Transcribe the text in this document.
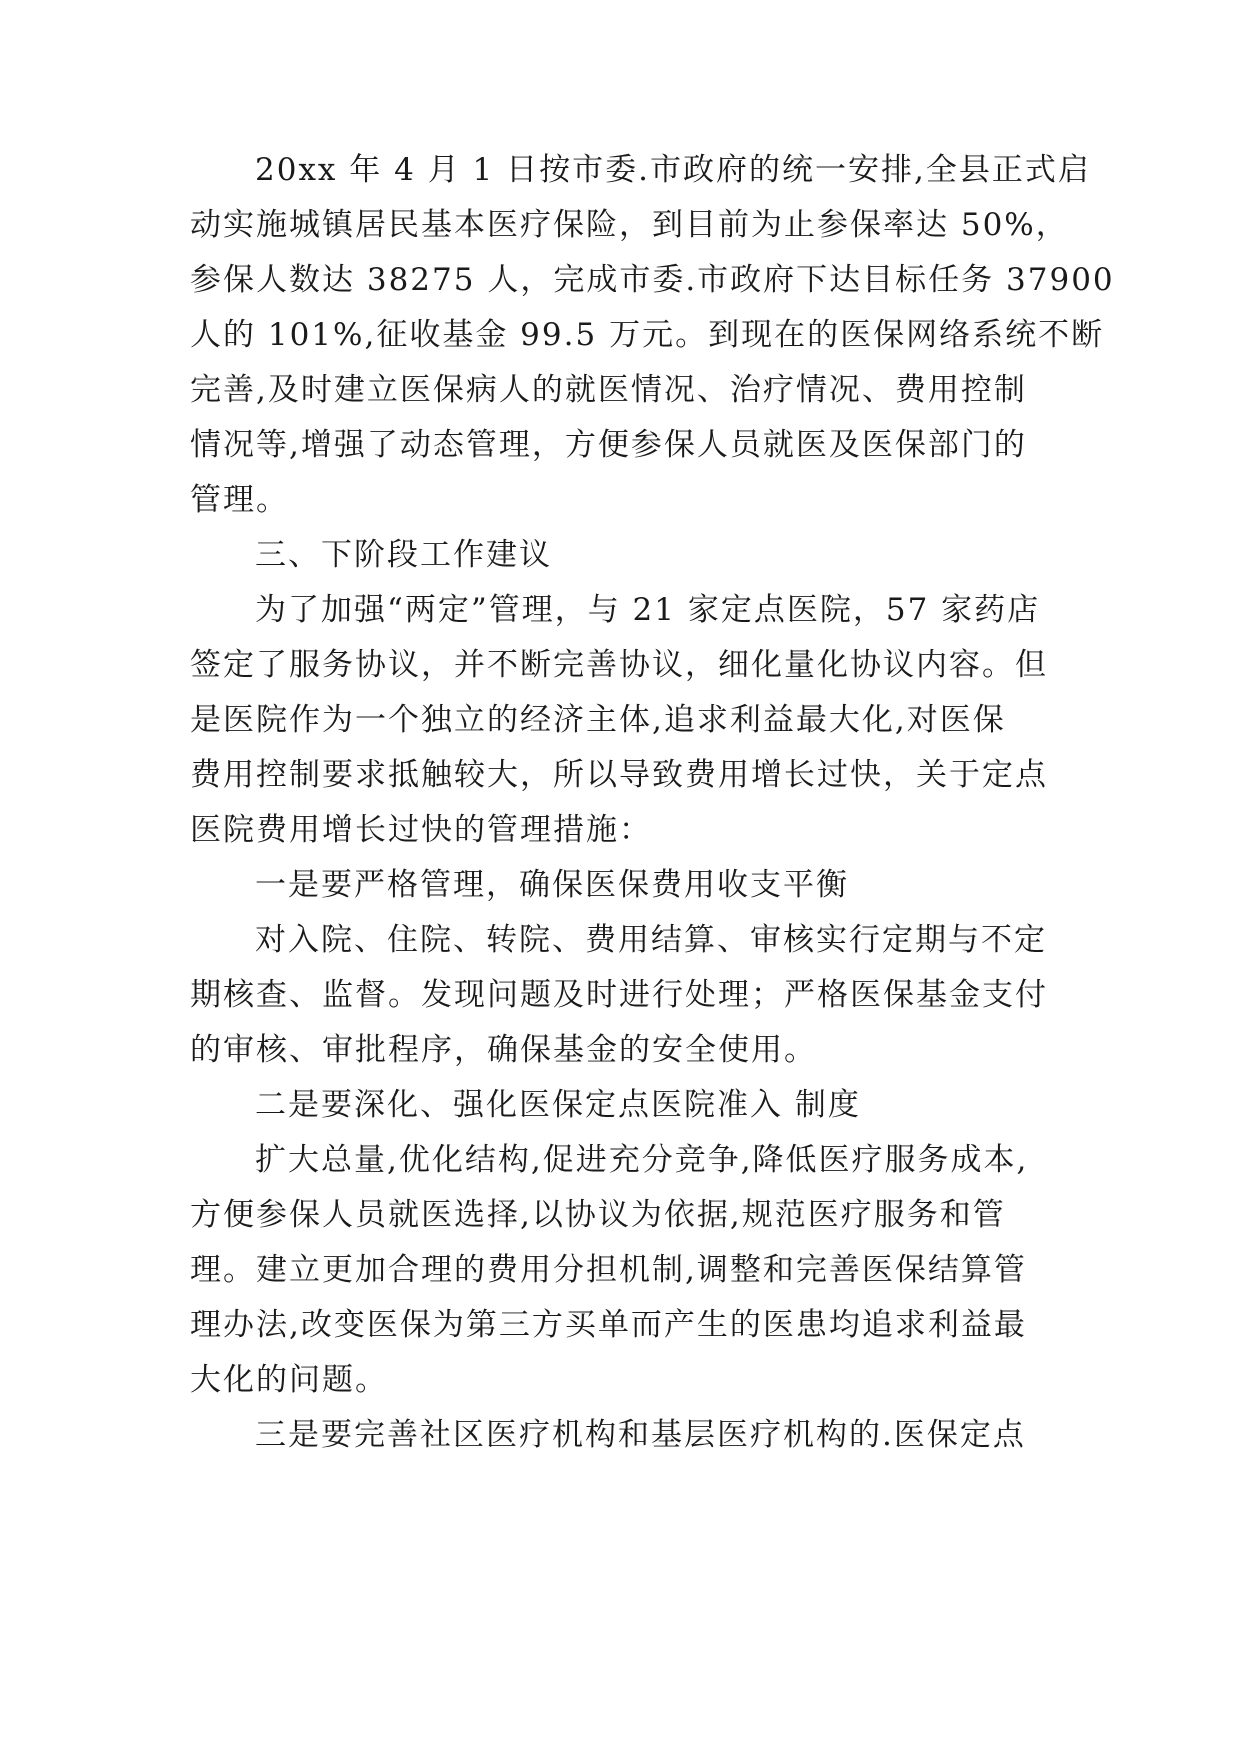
20xx 年 4 月 1 日按市委.市政府的统一安排,全县正式启
动实施城镇居民基本医疗保险，到目前为止参保率达 50%，
参保人数达 38275 人，完成市委.市政府下达目标任务 37900
人的 101%,征收基金 99.5 万元。到现在的医保网络系统不断
完善,及时建立医保病人的就医情况、治疗情况、费用控制
情况等,增强了动态管理，方便参保人员就医及医保部门的
管理。
三、下阶段工作建议
为了加强“两定”管理，与 21 家定点医院，57 家药店
签定了服务协议，并不断完善协议，细化量化协议内容。但
是医院作为一个独立的经济主体,追求利益最大化,对医保
费用控制要求抵触较大，所以导致费用增长过快，关于定点
医院费用增长过快的管理措施：
一是要严格管理，确保医保费用收支平衡
对入院、住院、转院、费用结算、审核实行定期与不定
期核查、监督。发现问题及时进行处理；严格医保基金支付
的审核、审批程序，确保基金的安全使用。
二是要深化、强化医保定点医院准入 制度
扩大总量,优化结构,促进充分竞争,降低医疗服务成本,
方便参保人员就医选择,以协议为依据,规范医疗服务和管
理。建立更加合理的费用分担机制,调整和完善医保结算管
理办法,改变医保为第三方买单而产生的医患均追求利益最
大化的问题。
三是要完善社区医疗机构和基层医疗机构的.医保定点
